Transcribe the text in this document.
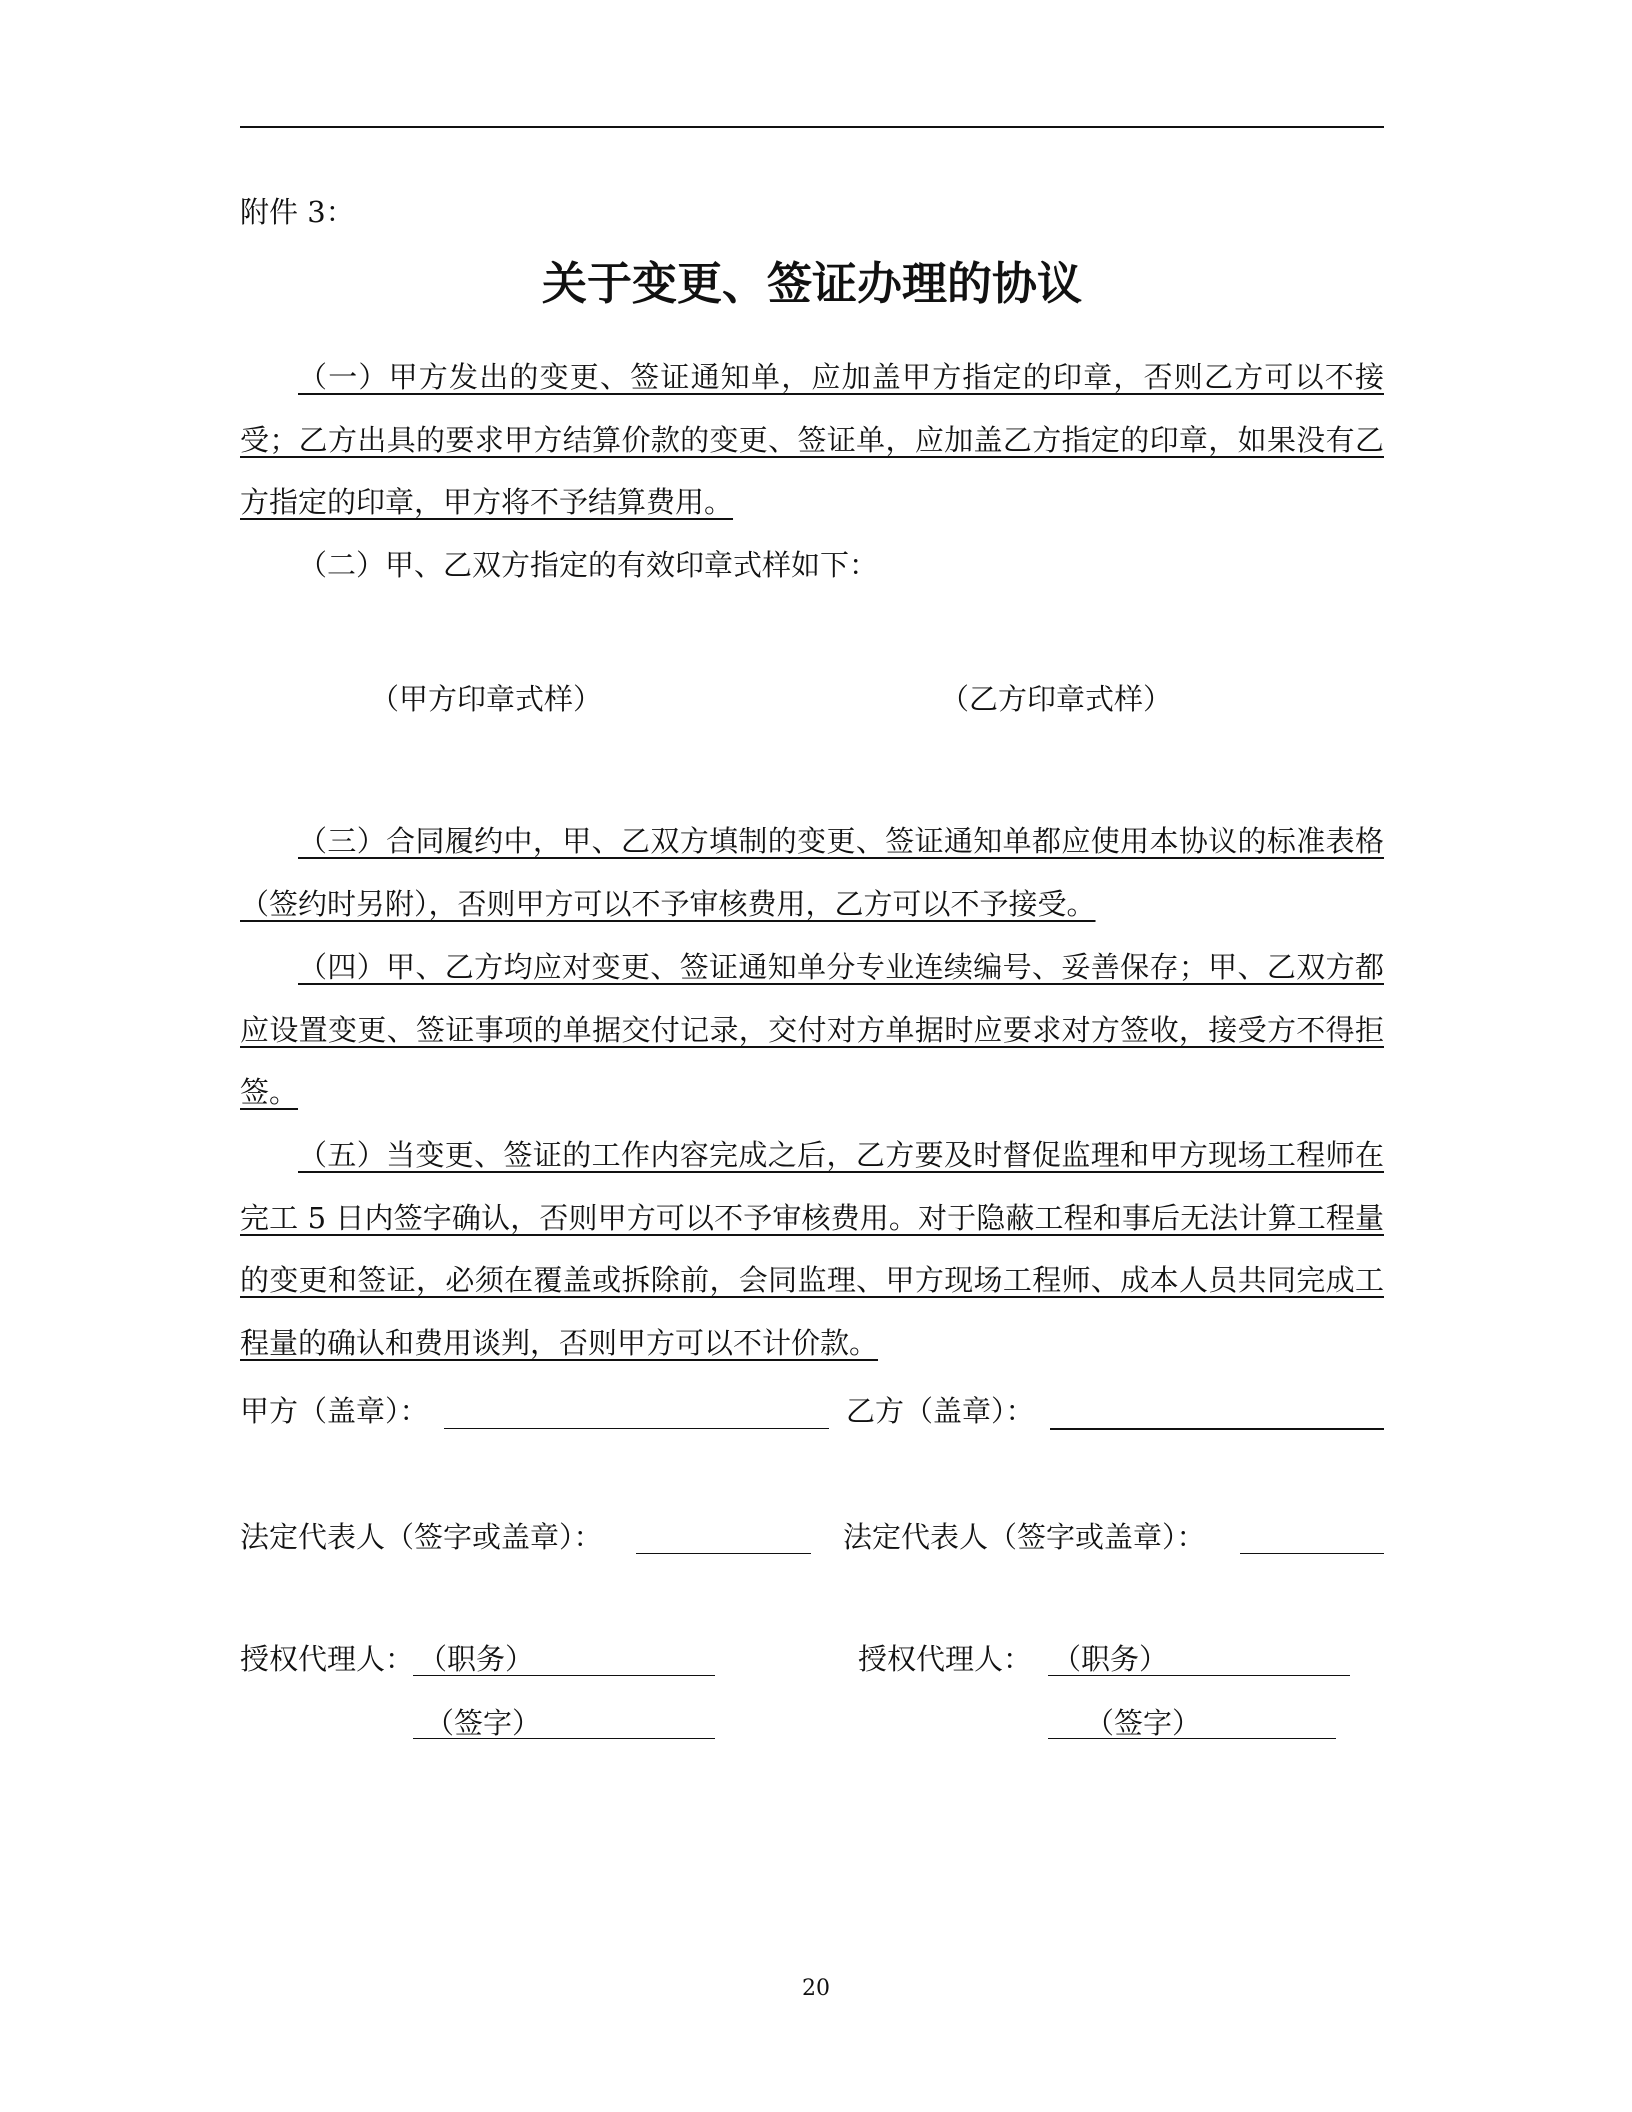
附件 3：
关于变更、签证办理的协议
（一）甲方发出的变更、签证通知单，应加盖甲方指定的印章，否则乙方可以不接受；乙方出具的要求甲方结算价款的变更、签证单，应加盖乙方指定的印章，如果没有乙方指定的印章，甲方将不予结算费用。
（二）甲、乙双方指定的有效印章式样如下：
（甲方印章式样）	（乙方印章式样）
（三）合同履约中，甲、乙双方填制的变更、签证通知单都应使用本协议的标准表格（签约时另附），否则甲方可以不予审核费用，乙方可以不予接受。
（四）甲、乙方均应对变更、签证通知单分专业连续编号、妥善保存；甲、乙双方都应设置变更、签证事项的单据交付记录，交付对方单据时应要求对方签收，接受方不得拒签。
（五）当变更、签证的工作内容完成之后，乙方要及时督促监理和甲方现场工程师在完工 5 日内签字确认，否则甲方可以不予审核费用。对于隐蔽工程和事后无法计算工程量的变更和签证，必须在覆盖或拆除前，会同监理、甲方现场工程师、成本人员共同完成工程量的确认和费用谈判，否则甲方可以不计价款。
甲方（盖章）：	乙方（盖章）：
法定代表人（签字或盖章）：	法定代表人（签字或盖章）：
授权代理人： （职务）
（签字）
授权代理人： （职务）
（签字）
20
